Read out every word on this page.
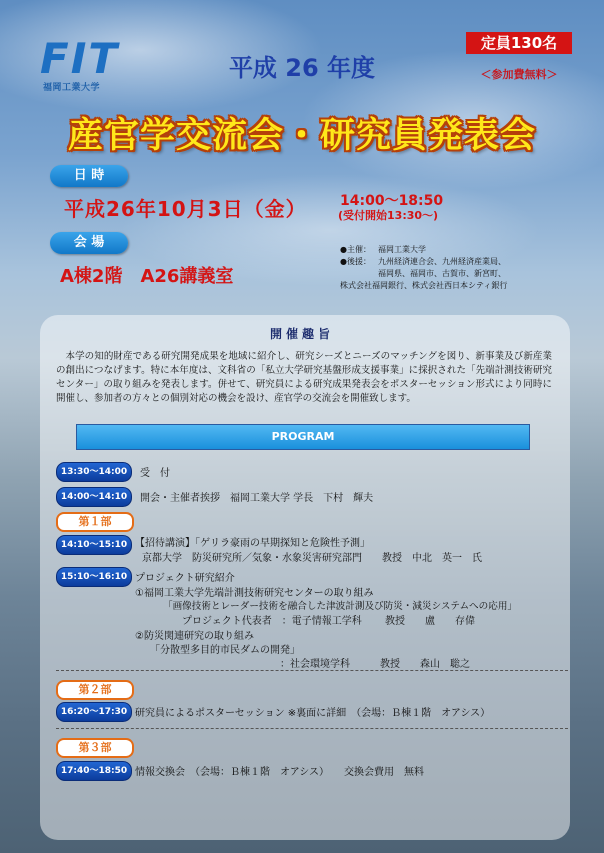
FIT
福岡工業大学
平成 26 年度
定員130名
＜参加費無料＞
産官学交流会・研究員発表会
日 時
平成26年10月3日（金） 14:00～18:50
(受付開始13:30～)
会 場
A棟2階　A26講義室
●主催： 福岡工業大学
●後援： 九州経済連合会、九州経済産業局、
福岡県、福岡市、古賀市、新宮町、
株式会社福岡銀行、株式会社西日本シティ銀行
開催趣旨
本学の知的財産である研究開発成果を地域に紹介し、研究シーズとニーズのマッチングを図り、新事業及び新産業の創出につなげます。特に本年度は、文科省の「私立大学研究基盤形成支援事業」に採択された「先端計測技術研究センター」の取り組みを発表します。併せて、研究員による研究成果発表会をポスターセッション形式により同時に開催し、参加者の方々との個別対応の機会を設け、産官学の交流会を開催致します。
PROGRAM
13:30～14:00	受　付
14:00～14:10	開会・主催者挨拶　福岡工業大学 学長　下村　輝夫
第１部
14:10～15:10 【招待講演】「ゲリラ豪雨の早期探知と危険性予測」
京都大学　防災研究所／気象・水象災害研究部門　　教授　中北　英一　氏
15:10～16:10 プロジェクト研究紹介
①福岡工業大学先端計測技術研究センターの取り組み
「画像技術とレーダー技術を融合した津波計測及び防災・減災システムへの応用」
プロジェクト代表者　：電子情報工学科　　 教授　　盧　　存偉
②防災関連研究の取り組み
「分散型多目的市民ダムの開発」
：社会環境学科　　　教授　　森山　聡之
第２部
16:20～17:30 研究員によるポスターセッション ※裏面に詳細　（会場：Ｂ棟１階　オアシス）
第３部
17:40～18:50 情報交換会　（会場：Ｂ棟１階　オアシス）　　交換会費用　無料
